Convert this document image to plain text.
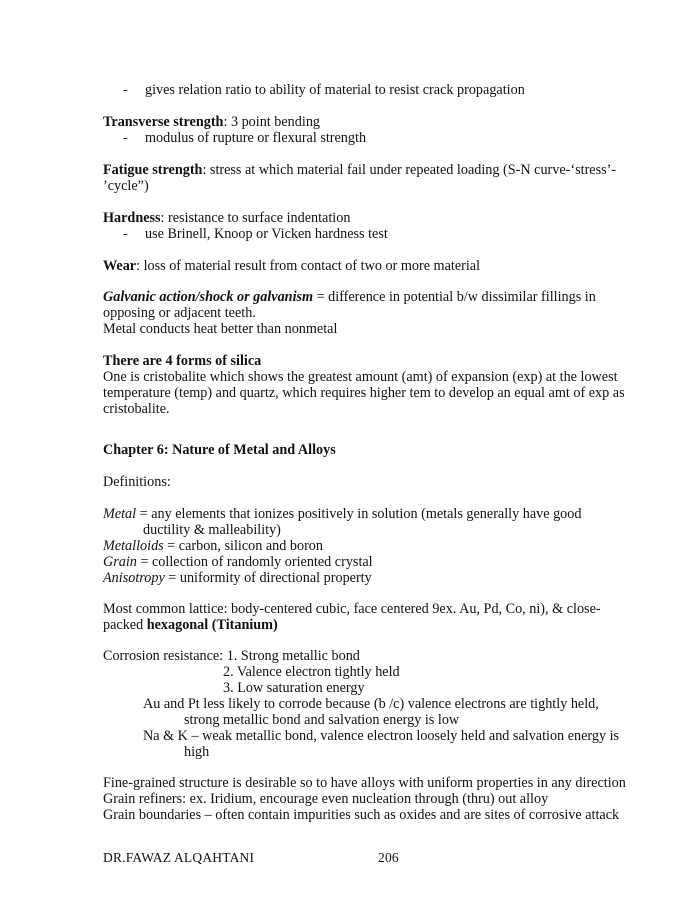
- gives relation ratio to ability of material to resist crack propagation
Transverse strength: 3 point bending
- modulus of rupture or flexural strength
Fatigue strength: stress at which material fail under repeated loading (S-N curve-‘stress’-
’cycle”)
Hardness: resistance to surface indentation
- use Brinell, Knoop or Vicken hardness test
Wear: loss of material result from contact of two or more material
Galvanic action/shock or galvanism = difference in potential b/w dissimilar fillings in
opposing or adjacent teeth.
Metal conducts heat better than nonmetal
There are 4 forms of silica
One is cristobalite which shows the greatest amount (amt) of expansion (exp) at the lowest
temperature (temp) and quartz, which requires higher tem to develop an equal amt of exp as
cristobalite.
Chapter 6: Nature of Metal and Alloys
Definitions:
Metal = any elements that ionizes positively in solution (metals generally have good
ductility & malleability)
Metalloids = carbon, silicon and boron
Grain = collection of randomly oriented crystal
Anisotropy = uniformity of directional property
Most common lattice: body-centered cubic, face centered 9ex. Au, Pd, Co, ni), & close-
packed hexagonal (Titanium)
Corrosion resistance: 1. Strong metallic bond
2. Valence electron tightly held
3. Low saturation energy
Au and Pt less likely to corrode because (b /c) valence electrons are tightly held,
strong metallic bond and salvation energy is low
Na & K – weak metallic bond, valence electron loosely held and salvation energy is
high
Fine-grained structure is desirable so to have alloys with uniform properties in any direction
Grain refiners: ex. Iridium, encourage even nucleation through (thru) out alloy
Grain boundaries – often contain impurities such as oxides and are sites of corrosive attack
DR.FAWAZ ALQAHTANI	206
